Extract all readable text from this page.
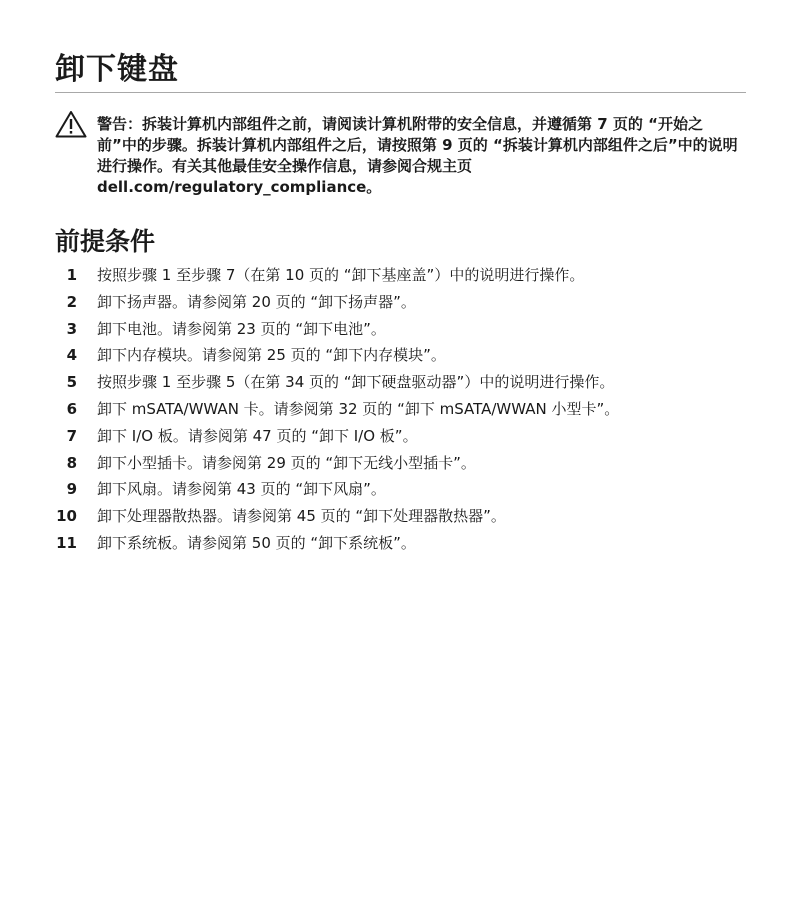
卸下键盘
警告：拆装计算机内部组件之前，请阅读计算机附带的安全信息，并遵循第 7 页的 “开始之前”中的步骤。拆装计算机内部组件之后，请按照第 9 页的 “拆装计算机内部组件之后”中的说明进行操作。有关其他最佳安全操作信息，请参阅合规主页 dell.com/regulatory_compliance。
前提条件
1 按照步骤 1 至步骤 7（在第 10 页的 “卸下基座盖”）中的说明进行操作。
2 卸下扬声器。请参阅第 20 页的 “卸下扬声器”。
3 卸下电池。请参阅第 23 页的 “卸下电池”。
4 卸下内存模块。请参阅第 25 页的 “卸下内存模块”。
5 按照步骤 1 至步骤 5（在第 34 页的 “卸下硬盘驱动器”）中的说明进行操作。
6 卸下 mSATA/WWAN 卡。请参阅第 32 页的 “卸下 mSATA/WWAN 小型卡”。
7 卸下 I/O 板。请参阅第 47 页的 “卸下 I/O 板”。
8 卸下小型插卡。请参阅第 29 页的 “卸下无线小型插卡”。
9 卸下风扇。请参阅第 43 页的 “卸下风扇”。
10 卸下处理器散热器。请参阅第 45 页的 “卸下处理器散热器”。
11 卸下系统板。请参阅第 50 页的 “卸下系统板”。
